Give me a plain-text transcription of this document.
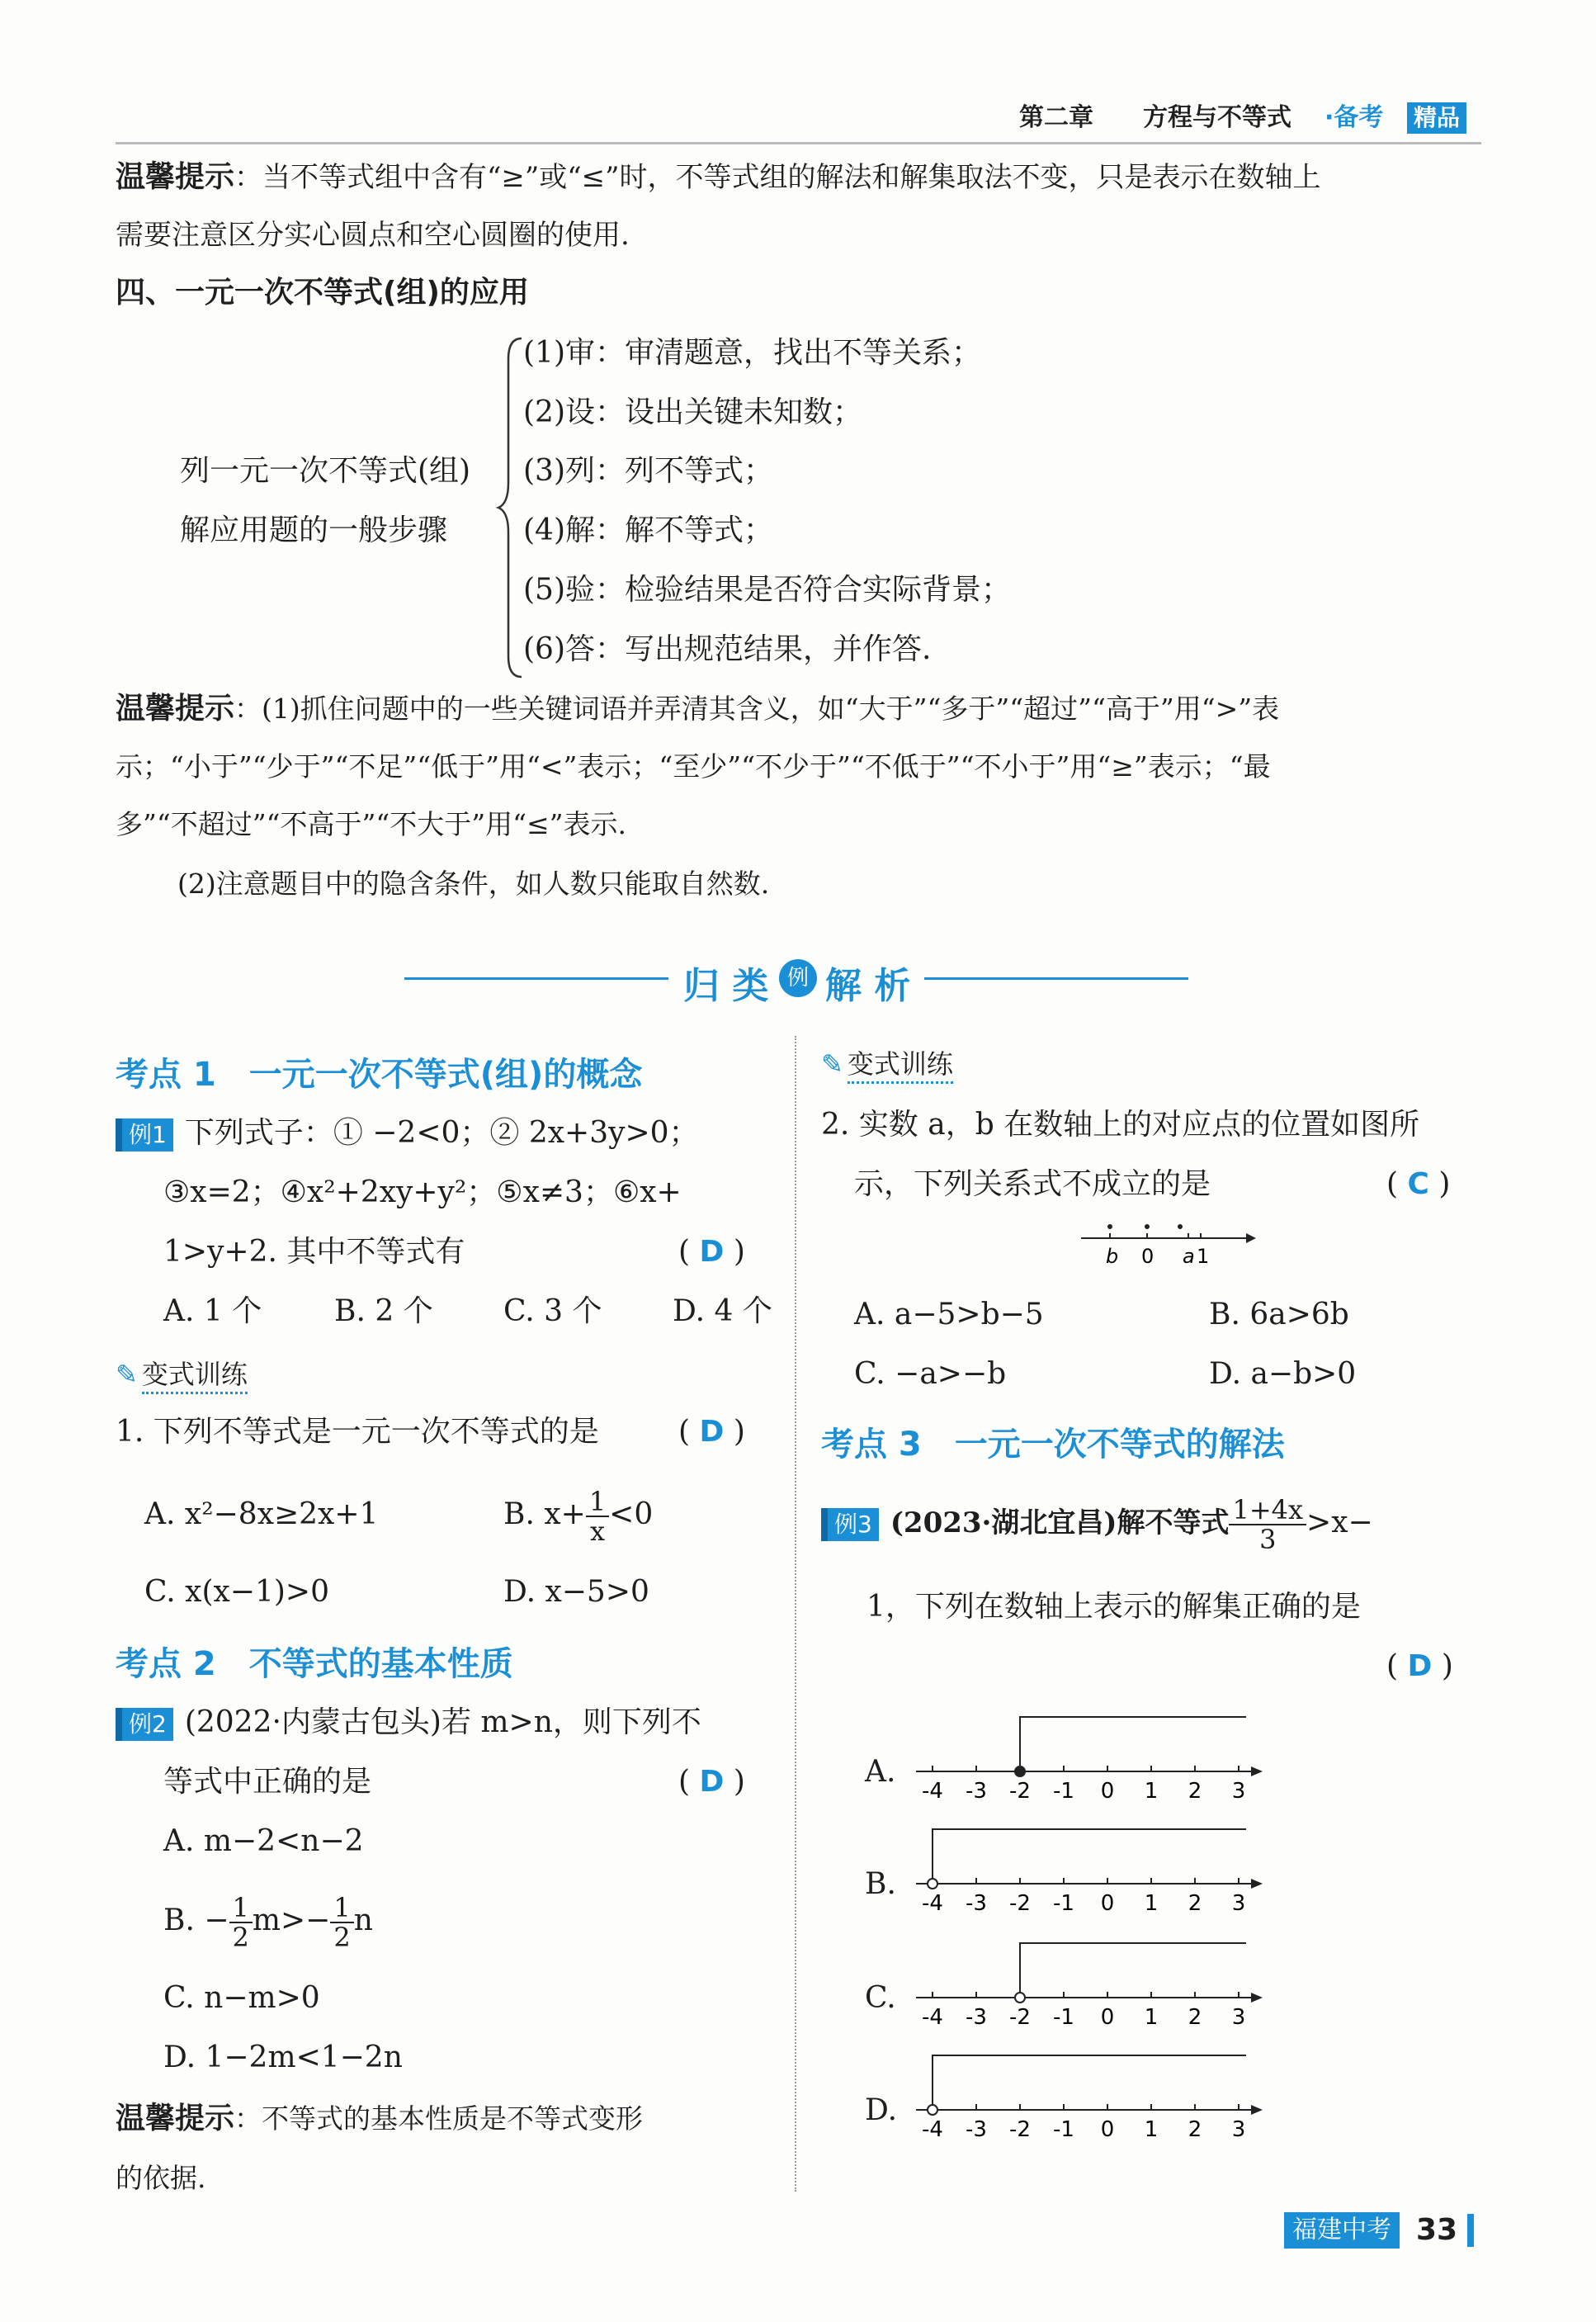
第二章 方程与不等式 ·备考 精品
温馨提示：当不等式组中含有“≥”或“≤”时，不等式组的解法和解集取法不变，只是表示在数轴上
需要注意区分实心圆点和空心圆圈的使用.
四、一元一次不等式(组)的应用
列一元一次不等式(组)
解应用题的一般步骤
(1)审：审清题意，找出不等关系；
(2)设：设出关键未知数；
(3)列：列不等式；
(4)解：解不等式；
(5)验：检验结果是否符合实际背景；
(6)答：写出规范结果，并作答.
温馨提示：(1)抓住问题中的一些关键词语并弄清其含义，如“大于”“多于”“超过”“高于”用“>”表
示；“小于”“少于”“不足”“低于”用“<”表示；“至少”“不少于”“不低于”“不小于”用“≥”表示；“最
多”“不超过”“不高于”“不大于”用“≤”表示.
(2)注意题目中的隐含条件，如人数只能取自然数.
归 类 例 解 析
考点 1　一元一次不等式(组)的概念
例1 下列式子：① −2<0；② 2x+3y>0；
③x=2；④x²+2xy+y²；⑤x≠3；⑥x+
1>y+2. 其中不等式有	( D )
A. 1 个 B. 2 个 C. 3 个 D. 4 个
✎ 变式训练
1. 下列不等式是一元一次不等式的是	( D )
A. x²−8x≥2x+1	B. $x+ \frac{1}{x} <0$
C. x(x−1)>0	D. x−5>0
考点 2　不等式的基本性质
例2 (2022·内蒙古包头)若 m>n，则下列不
等式中正确的是	( D )
A. m−2<n−2
B. − $\frac{1}{2} m>- \frac{1}{2}$ n
C. n−m>0
D. 1−2m<1−2n
温馨提示：不等式的基本性质是不等式变形
的依据.
✎ 变式训练
2. 实数 a，b 在数轴上的对应点的位置如图所
示，下列关系式不成立的是	( C )
b 0 a 1
A. a−5>b−5	B. 6a>6b
C. −a>−b	D. a−b>0
考点 3　一元一次不等式的解法
例3 (2023·湖北宜昌)解不等式 $\frac{1+4x}{3} >x-$
1，下列在数轴上表示的解集正确的是
( D )
A.
-4 -3 -2 -1 0 1 2 3
B.
-4 -3 -2 -1 0 1 2 3
C.
-4 -3 -2 -1 0 1 2 3
D.
-4 -3 -2 -1 0 1 2 3
福建中考 33
